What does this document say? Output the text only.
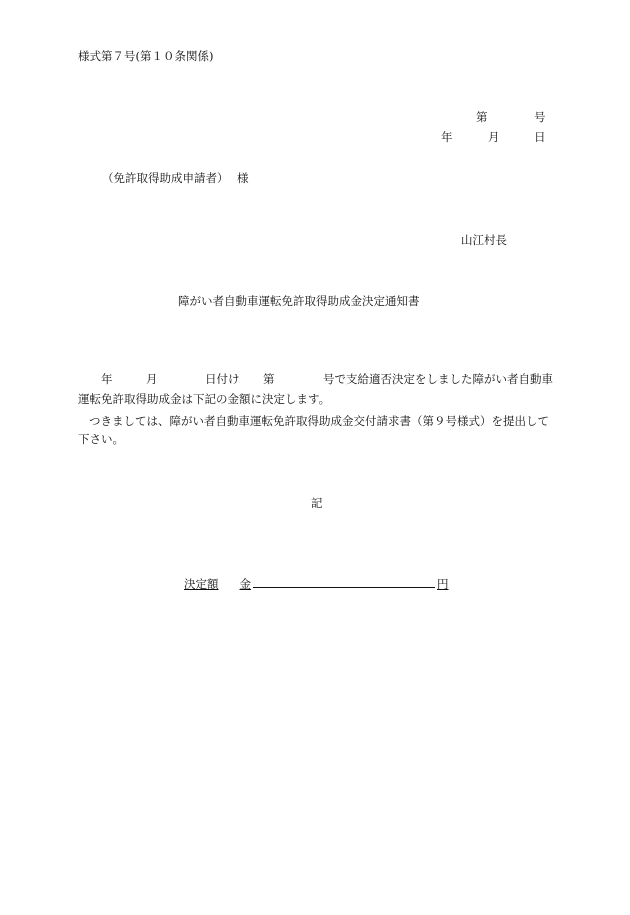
様式第７号(第１０条関係)
第	号
年	月	日
（免許取得助成申請者） 様
山江村長
障がい者自動車運転免許取得助成金決定通知書
年	月	日付け 第	号で支給適否決定をしました障がい者自動車
運転免許取得助成金は下記の金額に決定します。
つきましては、障がい者自動車運転免許取得助成金交付請求書（第９号様式）を提出して下さい。
記
決定額 金	円
